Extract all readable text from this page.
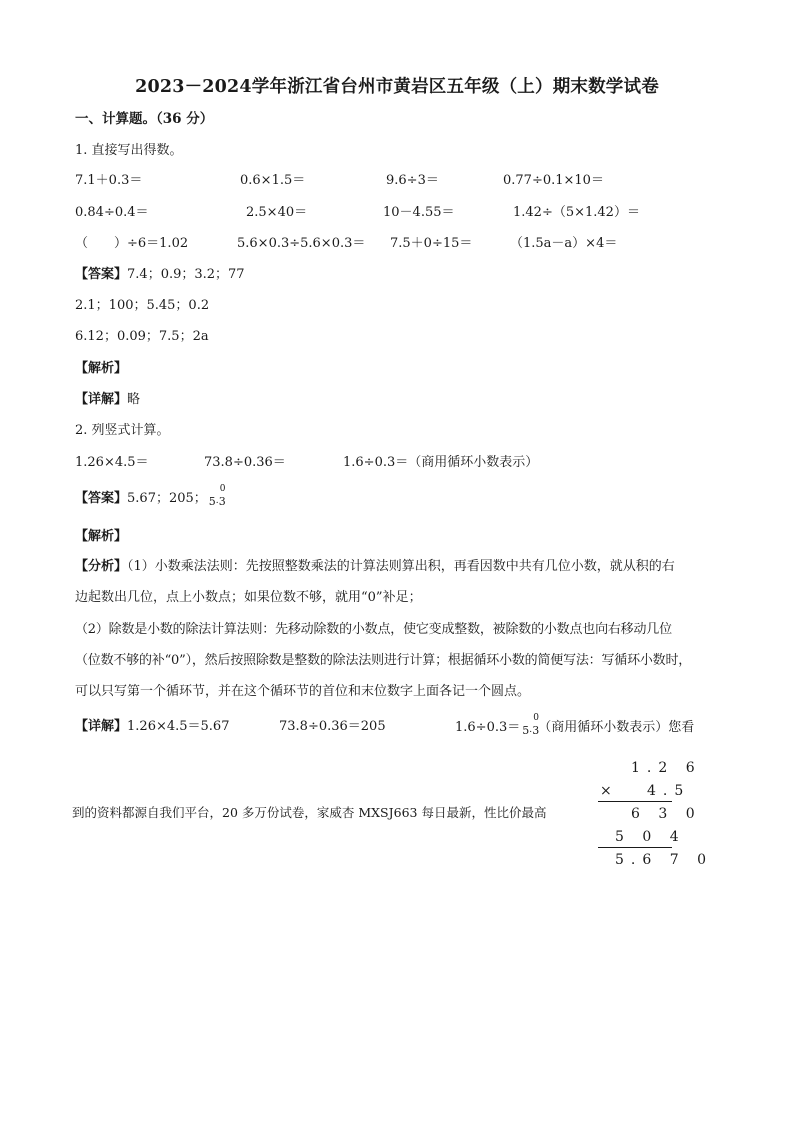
2023－2024学年浙江省台州市黄岩区五年级（上）期末数学试卷
一、计算题。（36 分）
1. 直接写出得数。
7.1＋0.3＝	0.6×1.5＝	9.6÷3＝	0.77÷0.1×10＝
0.84÷0.4＝	2.5×40＝	10－4.55＝	1.42÷（5×1.42）＝
（　　）÷6＝1.02	5.6×0.3÷5.6×0.3＝ 7.5＋0÷15＝	（1.5a－a）×4＝
【答案】7.4；0.9；3.2；77
2.1；100；5.45；0.2
6.12；0.09；7.5；2a
【解析】
【详解】略
2. 列竖式计算。
1.26×4.5＝	73.8÷0.36＝	1.6÷0.3＝（商用循环小数表示）
【答案】5.67；205；
0
5 . 3
【解析】
【分析】（1）小数乘法法则：先按照整数乘法的计算法则算出积，再看因数中共有几位小数，就从积的右
边起数出几位，点上小数点；如果位数不够，就用“0”补足；
（2）除数是小数的除法计算法则：先移动除数的小数点，使它变成整数，被除数的小数点也向右移动几位
（位数不够的补“0”），然后按照除数是整数的除法法则进行计算；根据循环小数的简便写法：写循环小数时，
可以只写第一个循环节，并在这个循环节的首位和末位数字上面各记一个圆点。
【详解】1.26×4.5＝5.67	73.8÷0.36＝205	1.6÷0.3＝
0
5 . 3 （商用循环小数表示）您看
到的资料都源自我们平台，20 多万份试卷，家威杏 MXSJ663 每日最新，性比价最高
1.2 6
× 4.5
6 3 0
5 0 4
5.6 7 0
